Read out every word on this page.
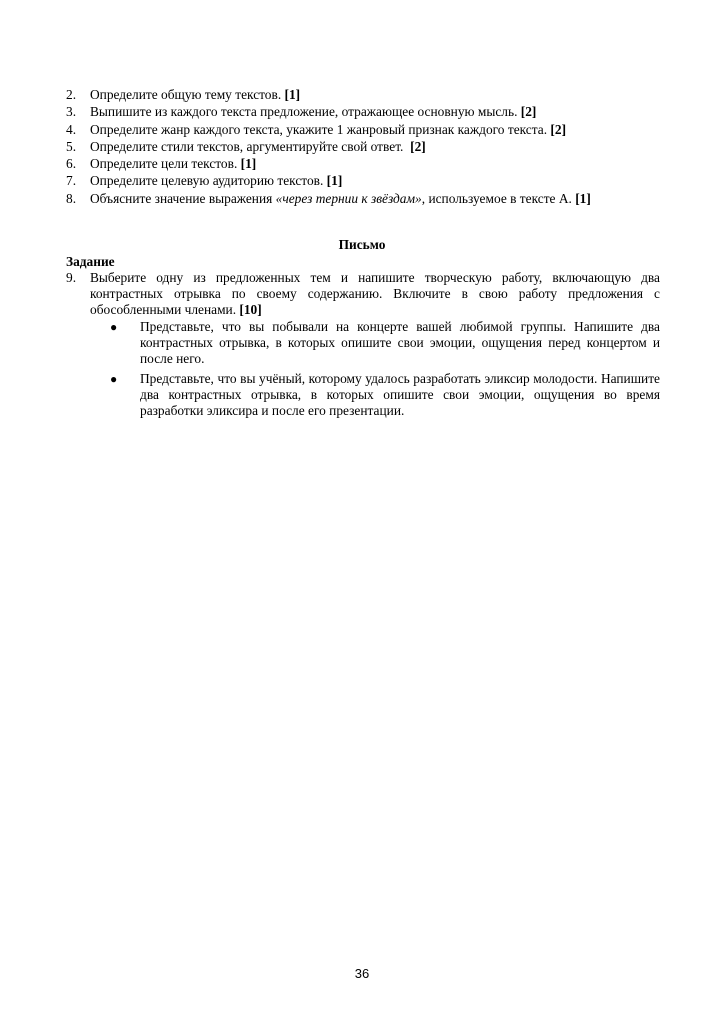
2.	Определите общую тему текстов. [1]
3.	Выпишите из каждого текста предложение, отражающее основную мысль. [2]
4.	Определите жанр каждого текста, укажите 1 жанровый признак каждого текста. [2]
5.	Определите стили текстов, аргументируйте свой ответ.  [2]
6.	Определите цели текстов. [1]
7.	Определите целевую аудиторию текстов. [1]
8.	Объясните значение выражения «через тернии к звёздам», используемое в тексте А. [1]
Письмо
Задание
9.	Выберите одну из предложенных тем и напишите творческую работу, включающую два контрастных отрывка по своему содержанию. Включите в свою работу предложения с обособленными членами. [10]
●	Представьте, что вы побывали на концерте вашей любимой группы. Напишите два контрастных отрывка, в которых опишите свои эмоции, ощущения перед концертом и после него.
●	Представьте, что вы учёный, которому удалось разработать эликсир молодости. Напишите два контрастных отрывка, в которых опишите свои эмоции, ощущения во время разработки эликсира и после его презентации.
36
